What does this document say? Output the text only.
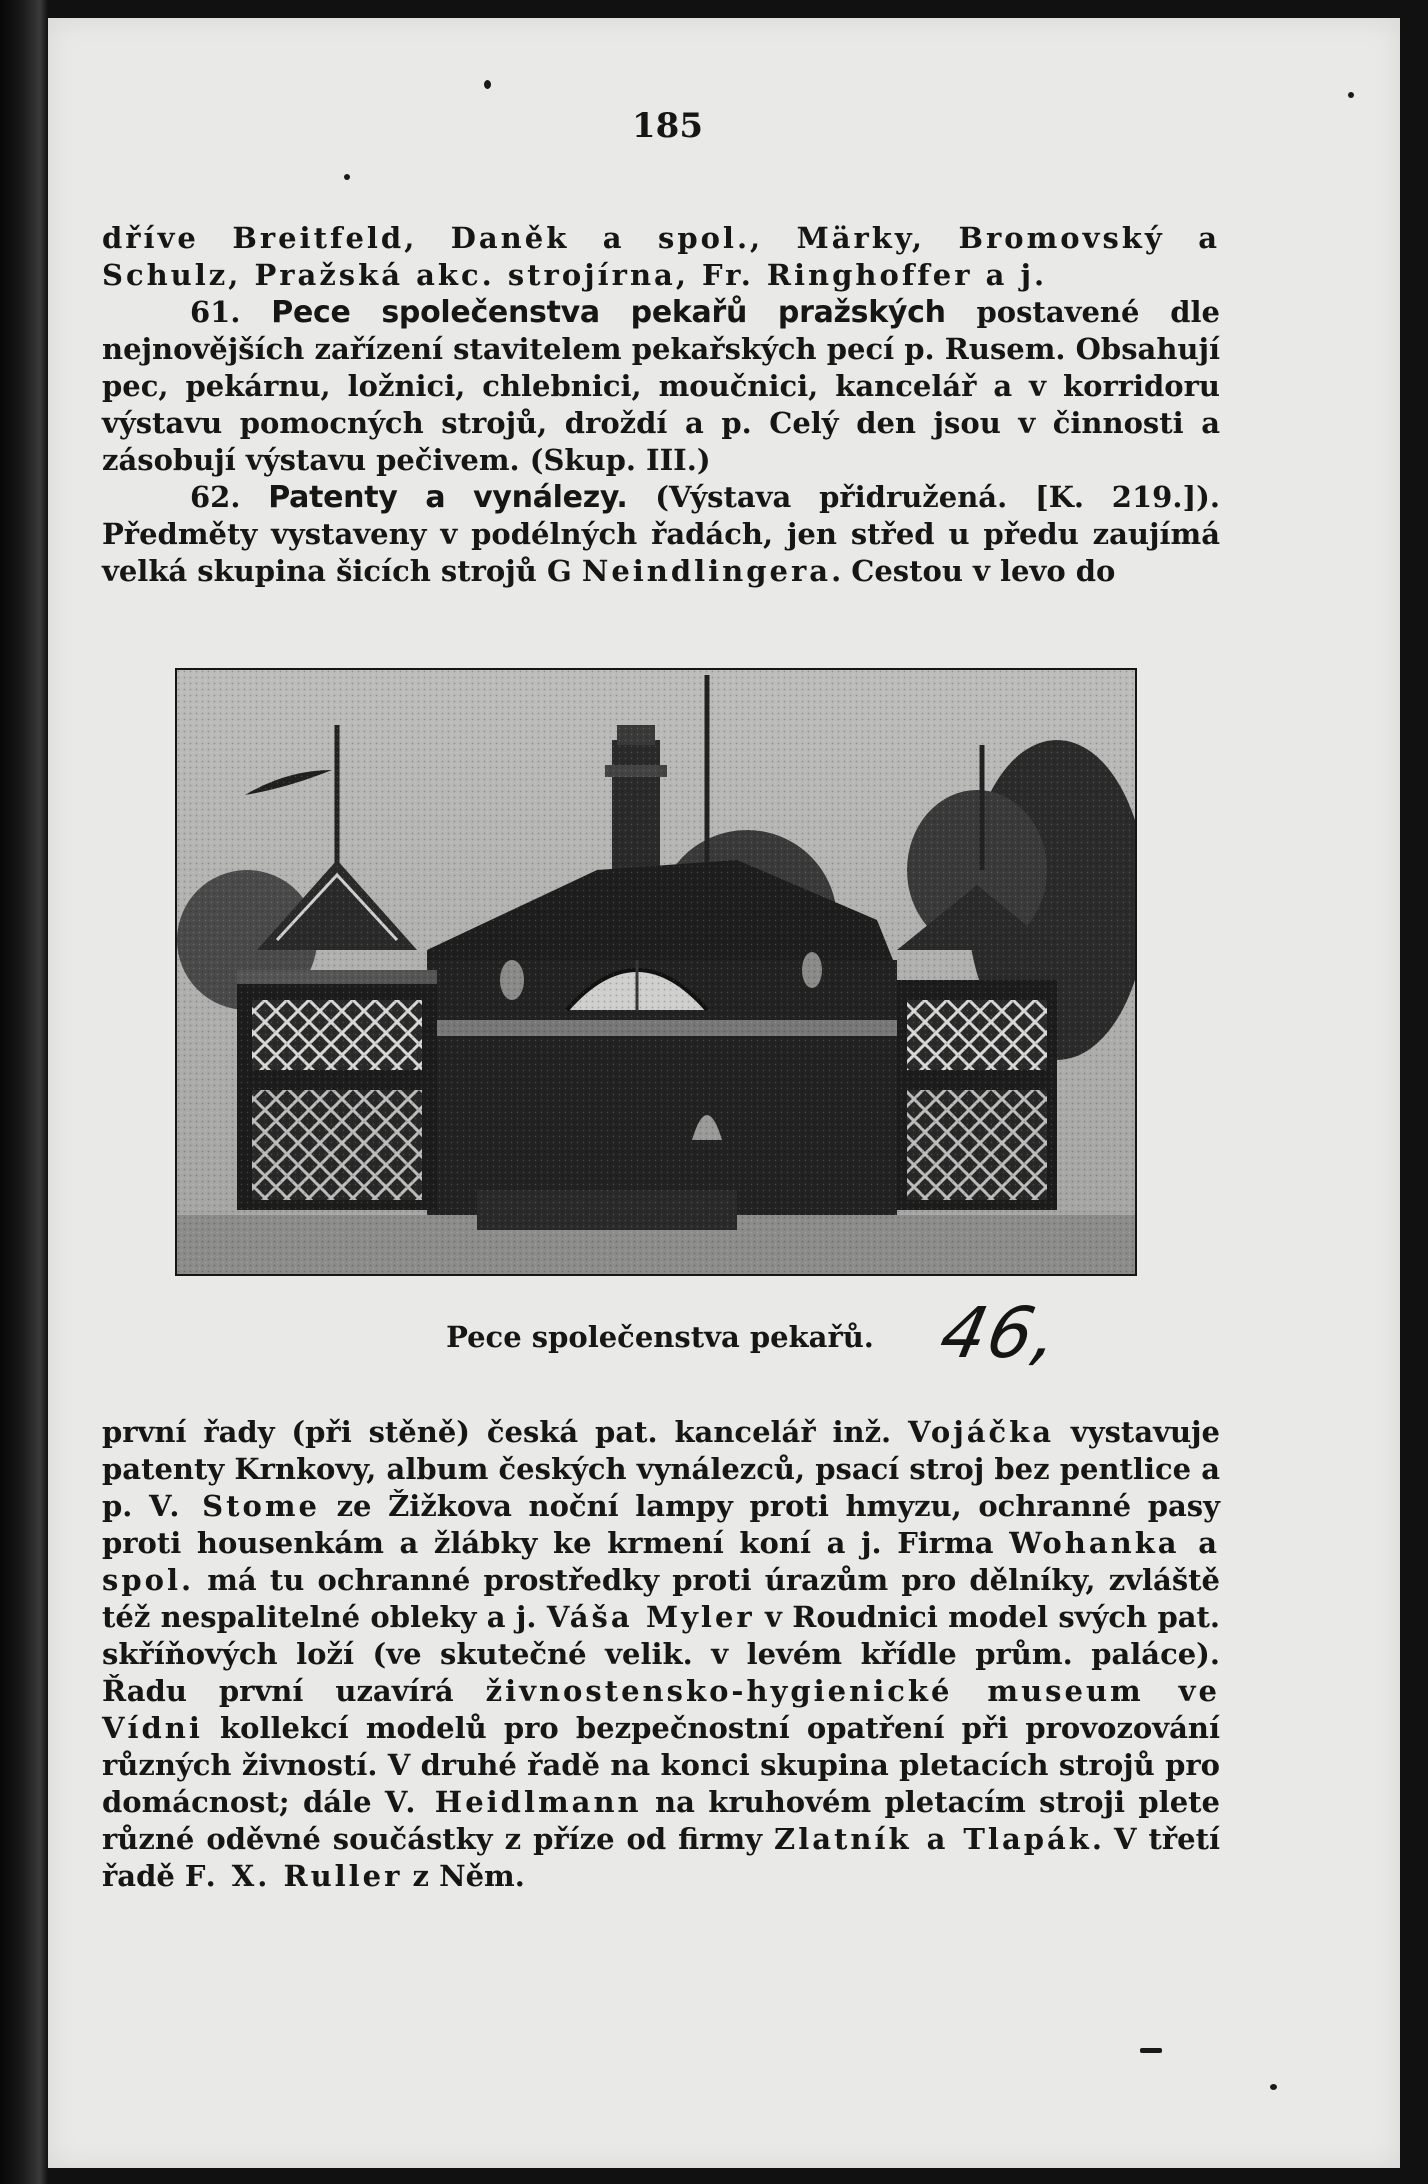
185

dříve Breitfeld, Daněk a spol., Märky, Bromovský a Schulz, Pražská akc. strojírna, Fr. Ringhoffer a j.

61. Pece společenstva pekařů pražských postavené dle nejnovějších zařízení stavitelem pekařských pecí p. Rusem. Obsahují pec, pekárnu, ložnici, chlebnici, moučnici, kancelář a v korridoru výstavu pomocných strojů, droždí a p. Celý den jsou v činnosti a zásobují výstavu pečivem. (Skup. III.)

62. Patenty a vynálezy. (Výstava přidružená. [K. 219.]). Předměty vystaveny v podélných řadách, jen střed u předu zaujímá velká skupina šicích strojů G Neindlingera. Cestou v levo do

Pece společenstva pekařů. 46,

první řady (při stěně) česká pat. kancelář inž. Vojáčka vystavuje patenty Krnkovy, album českých vynálezců, psací stroj bez pentlice a p. V. Stome ze Žižkova noční lampy proti hmyzu, ochranné pasy proti housenkám a žlábky ke krmení koní a j. Firma Wohanka a spol. má tu ochranné prostředky proti úrazům pro dělníky, zvláště též nespalitelné obleky a j. Váša Myler v Roudnici model svých pat. skříňových loží (ve skutečné velik. v levém křídle prům. paláce). Řadu první uzavírá živnostensko-hygienické museum ve Vídni kollekcí modelů pro bezpečnostní opatření při provozování různých živností. V druhé řadě na konci skupina pletacích strojů pro domácnost; dále V. Heidlmann na kruhovém pletacím stroji plete různé oděvné součástky z příze od firmy Zlatník a Tlapák. V třetí řadě F. X. Ruller z Něm.
